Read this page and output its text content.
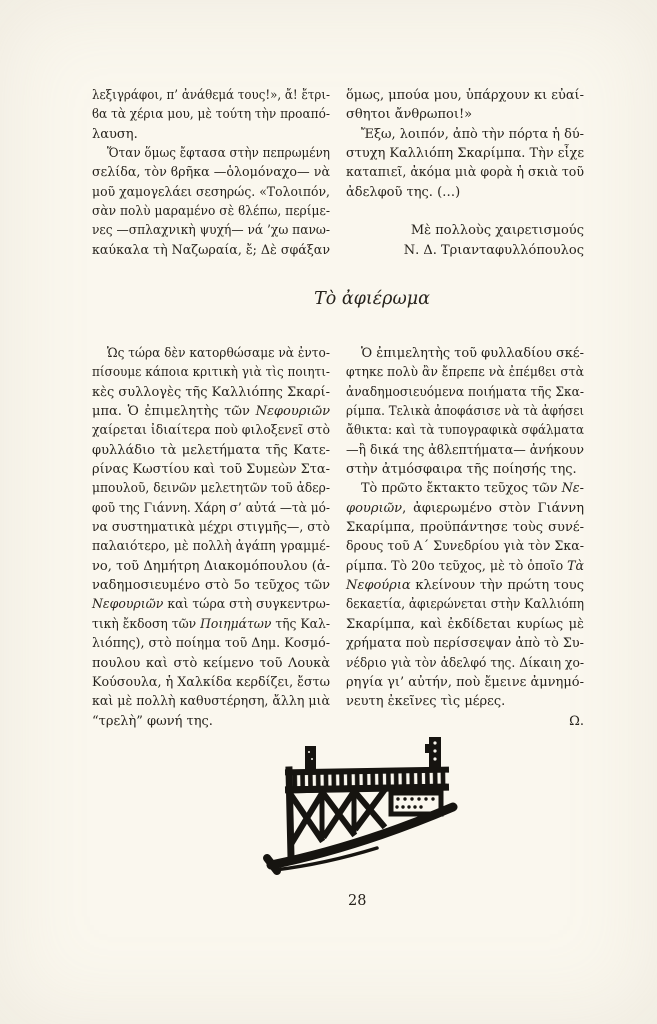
λεξιγράφοι, π’ ἀνάθεμά τους!», ἄ! ἔτρι-
ϐα τὰ χέρια μου, μὲ τούτη τὴν προαπό-
λαυση.
Ὅταν ὅμως ἔφτασα στὴν πεπρωμένη
σελίδα, τὸν ϐρῆκα —ὁλομόναχο— νὰ
μοῦ χαμογελάει σεσηρώς. «Τολοιπόν,
σὰν πολὺ μαραμένο σὲ ϐλέπω, περίμε-
νες —σπλαχνικὴ ψυχή— νά ’χω πανω-
καύκαλα τὴ Ναζωραία, ἔ; Δὲ σφάξαν
ὅμως, μπούα μου, ὑπάρχουν κι εὐαί-
σθητοι ἄνθρωποι!»
Ἔξω, λοιπόν, ἀπὸ τὴν πόρτα ἡ δύ-
στυχη Καλλιόπη Σκαρίμπα. Τὴν εἶχε
καταπιεῖ, ἀκόμα μιὰ φορὰ ἡ σκιὰ τοῦ
ἀδελφοῦ της. (…)
Μὲ πολλοὺς χαιρετισμούς
Ν. Δ. Τριανταφυλλόπουλος
Τὸ ἀφιέρωμα
Ὡς τώρα δὲν κατορθώσαμε νὰ ἐντο-
πίσουμε κάποια κριτικὴ γιὰ τὶς ποιητι-
κὲς συλλογὲς τῆς Καλλιόπης Σκαρί-
μπα. Ὁ ἐπιμελητὴς τῶν Νεφουριῶν
χαίρεται ἰδιαίτερα ποὺ φιλοξενεῖ στὸ
φυλλάδιο τὰ μελετήματα τῆς Κατε-
ρίνας Κωστίου καὶ τοῦ Συμεὼν Στα-
μπουλοῦ, δεινῶν μελετητῶν τοῦ ἀδερ-
φοῦ της Γιάννη. Χάρη σ’ αὐτά —τὰ μό-
να συστηματικὰ μέχρι στιγμῆς—, στὸ
παλαιότερο, μὲ πολλὴ ἀγάπη γραμμέ-
νο, τοῦ Δημήτρη Διακομόπουλου (ἀ-
ναδημοσιευμένο στὸ 5ο τεῦχος τῶν
Νεφουριῶν καὶ τώρα στὴ συγκεντρω-
τικὴ ἔκδοση τῶν Ποιημάτων τῆς Καλ-
λιόπης), στὸ ποίημα τοῦ Δημ. Κοσμό-
πουλου καὶ στὸ κείμενο τοῦ Λουκὰ
Κούσουλα, ἡ Χαλκίδα κερδίζει, ἔστω
καὶ μὲ πολλὴ καθυστέρηση, ἄλλη μιὰ
“τρελὴ” φωνή της.
Ὁ ἐπιμελητὴς τοῦ φυλλαδίου σκέ-
φτηκε πολὺ ἂν ἔπρεπε νὰ ἐπέμϐει στὰ
ἀναδημοσιευόμενα ποιήματα τῆς Σκα-
ρίμπα. Τελικὰ ἀποφάσισε νὰ τὰ ἀφήσει
ἄθικτα: καὶ τὰ τυπογραφικὰ σφάλματα
—ἢ δικά της ἀϐλεπτήματα— ἀνήκουν
στὴν ἀτμόσφαιρα τῆς ποίησής της.
Τὸ πρῶτο ἔκτακτο τεῦχος τῶν Νε-
φουριῶν, ἀφιερωμένο στὸν Γιάννη
Σκαρίμπα, προϋπάντησε τοὺς συνέ-
δρους τοῦ Α΄ Συνεδρίου γιὰ τὸν Σκα-
ρίμπα. Τὸ 20ο τεῦχος, μὲ τὸ ὁποῖο Τὰ
Νεφούρια κλείνουν τὴν πρώτη τους
δεκαετία, ἀφιερώνεται στὴν Καλλιόπη
Σκαρίμπα, καὶ ἐκδίδεται κυρίως μὲ
χρήματα ποὺ περίσσεψαν ἀπὸ τὸ Συ-
νέδριο γιὰ τὸν ἀδελφό της. Δίκαιη χο-
ρηγία γι’ αὐτήν, ποὺ ἔμεινε ἀμνημό-
νευτη ἐκεῖνες τὶς μέρες.
Ω.
28
